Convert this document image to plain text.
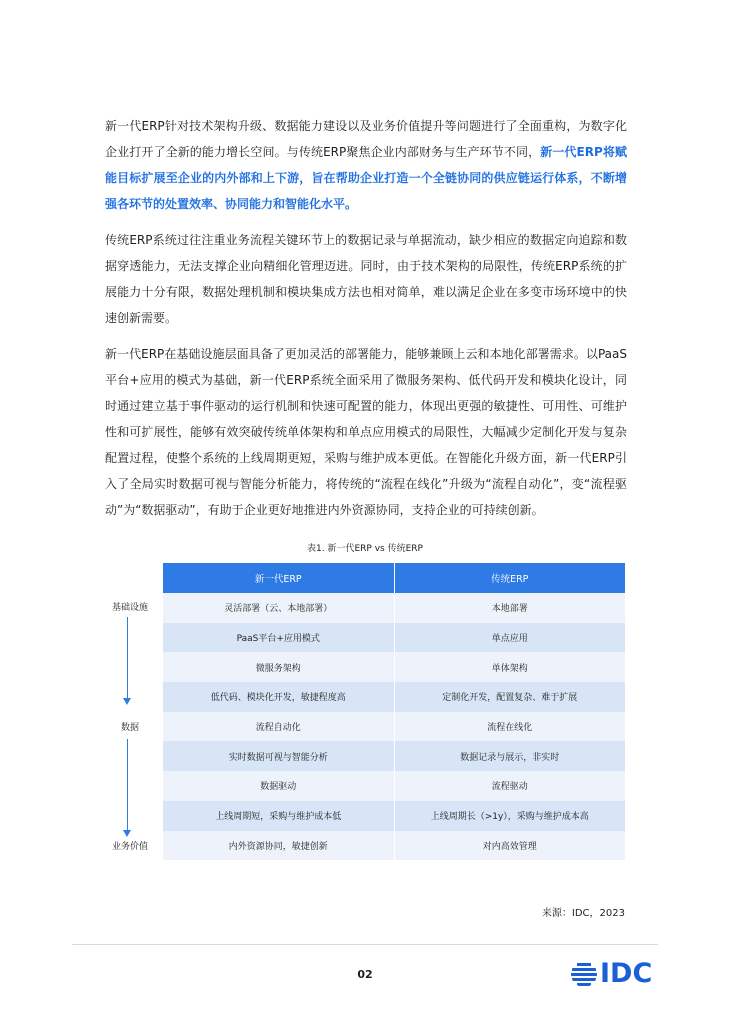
新一代ERP针对技术架构升级、数据能力建设以及业务价值提升等问题进行了全面重构，为数字化企业打开了全新的能力增长空间。与传统ERP聚焦企业内部财务与生产环节不同，新一代ERP将赋能目标扩展至企业的内外部和上下游，旨在帮助企业打造一个全链协同的供应链运行体系，不断增强各环节的处置效率、协同能力和智能化水平。

传统ERP系统过往注重业务流程关键环节上的数据记录与单据流动，缺少相应的数据定向追踪和数据穿透能力，无法支撑企业向精细化管理迈进。同时，由于技术架构的局限性，传统ERP系统的扩展能力十分有限，数据处理机制和模块集成方法也相对简单，难以满足企业在多变市场环境中的快速创新需要。

新一代ERP在基础设施层面具备了更加灵活的部署能力，能够兼顾上云和本地化部署需求。以PaaS平台+应用的模式为基础，新一代ERP系统全面采用了微服务架构、低代码开发和模块化设计，同时通过建立基于事件驱动的运行机制和快速可配置的能力，体现出更强的敏捷性、可用性、可维护性和可扩展性，能够有效突破传统单体架构和单点应用模式的局限性，大幅减少定制化开发与复杂配置过程，使整个系统的上线周期更短，采购与维护成本更低。在智能化升级方面，新一代ERP引入了全局实时数据可视与智能分析能力，将传统的“流程在线化”升级为“流程自动化”，变“流程驱动”为“数据驱动”，有助于企业更好地推进内外资源协同，支持企业的可持续创新。

表1. 新一代ERP vs 传统ERP
基础设施
数据
业务价值
新一代ERP	传统ERP
灵活部署（云、本地部署）	本地部署
PaaS平台+应用模式	单点应用
微服务架构	单体架构
低代码、模块化开发，敏捷程度高	定制化开发，配置复杂、难于扩展
流程自动化	流程在线化
实时数据可视与智能分析	数据记录与展示，非实时
数据驱动	流程驱动
上线周期短，采购与维护成本低	上线周期长（>1y），采购与维护成本高
内外资源协同，敏捷创新	对内高效管理
来源：IDC，2023
02	IDC
